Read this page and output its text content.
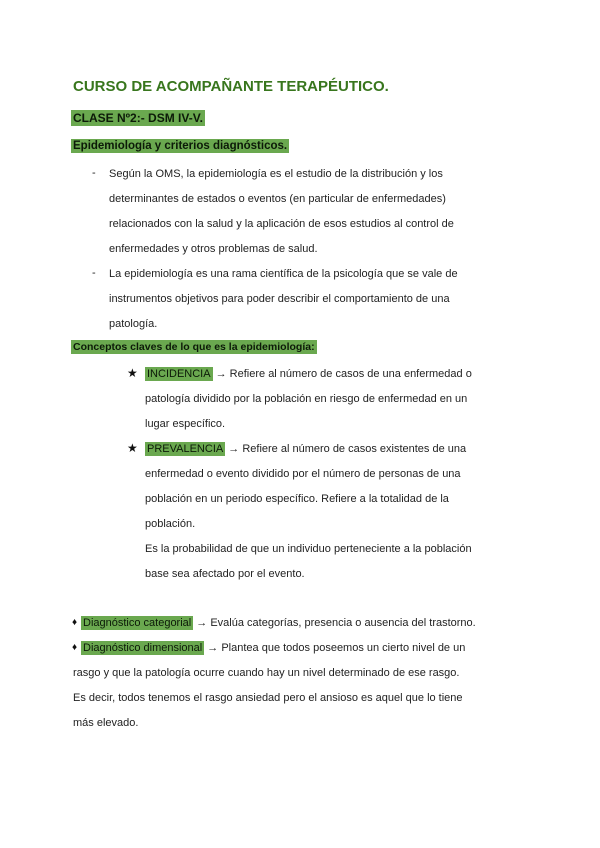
CURSO DE ACOMPAÑANTE TERAPÉUTICO.
CLASE Nº2:- DSM IV-V.
Epidemiología y criterios diagnósticos.
- Según la OMS, la epidemiología es el estudio de la distribución y los
determinantes de estados o eventos (en particular de enfermedades)
relacionados con la salud y la aplicación de esos estudios al control de
enfermedades y otros problemas de salud.
- La epidemiología es una rama científica de la psicología que se vale de
instrumentos objetivos para poder describir el comportamiento de una
patología.
Conceptos claves de lo que es la epidemiología:
★ INCIDENCIA → Refiere al número de casos de una enfermedad o
patología dividido por la población en riesgo de enfermedad en un
lugar específico.
★ PREVALENCIA → Refiere al número de casos existentes de una
enfermedad o evento dividido por el número de personas de una
población en un periodo específico. Refiere a la totalidad de la
población.
Es la probabilidad de que un individuo perteneciente a la población
base sea afectado por el evento.
♦ Diagnóstico categorial → Evalúa categorías, presencia o ausencia del trastorno.
♦ Diagnóstico dimensional → Plantea que todos poseemos un cierto nivel de un
rasgo y que la patología ocurre cuando hay un nivel determinado de ese rasgo.
Es decir, todos tenemos el rasgo ansiedad pero el ansioso es aquel que lo tiene
más elevado.
